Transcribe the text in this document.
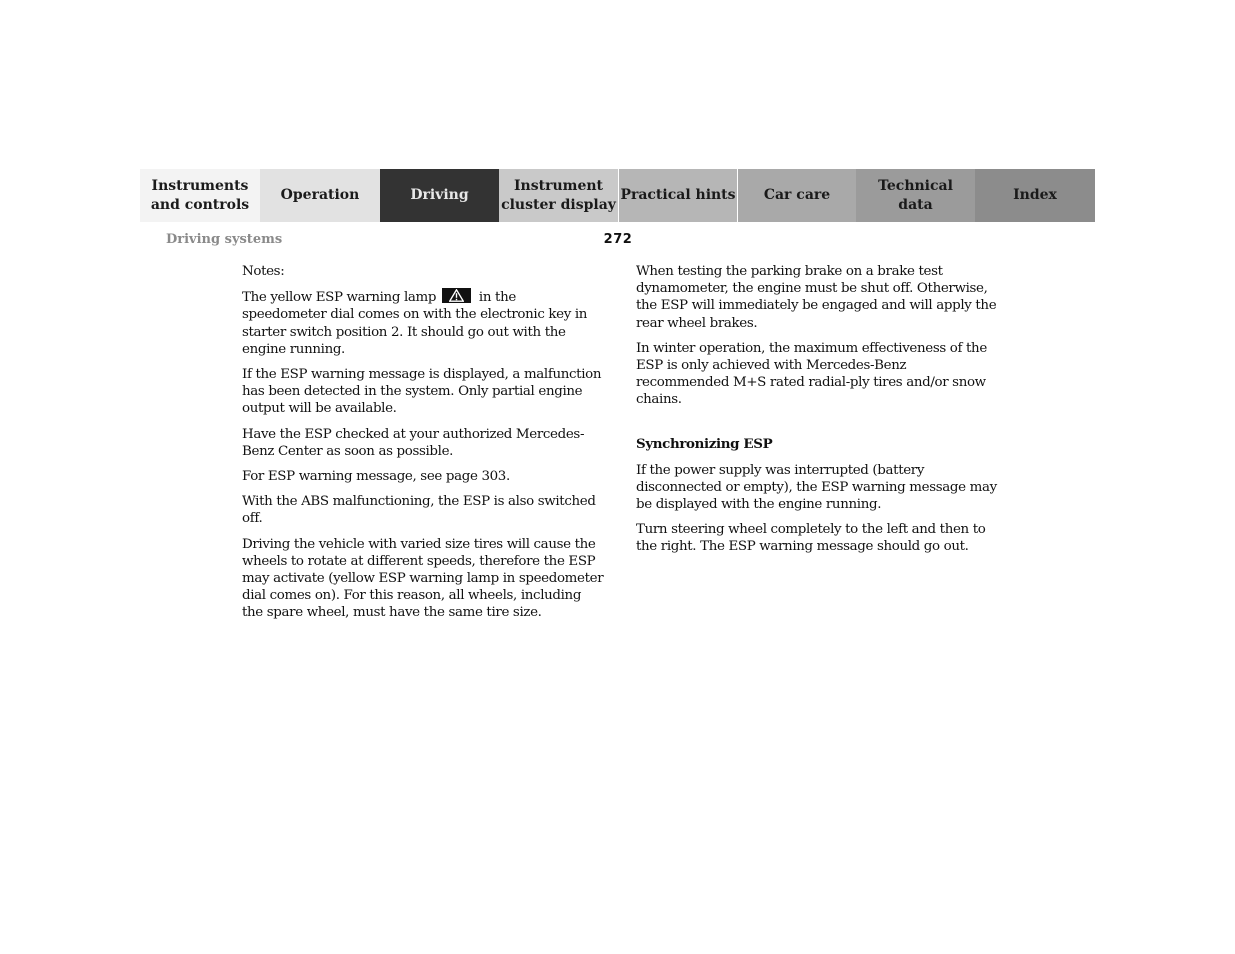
Instruments
and controls
Operation	Driving
Instrument
cluster display
Practical hints	Car care
Technical
data
Index
Driving systems	272

Notes:

The yellow ESP warning lamp	in the speedometer dial comes on with the electronic key in starter switch position 2. It should go out with the engine running.

If the ESP warning message is displayed, a malfunction has been detected in the system. Only partial engine output will be available.

Have the ESP checked at your authorized Mercedes-Benz Center as soon as possible.

For ESP warning message, see page 303.

With the ABS malfunctioning, the ESP is also switched off.

Driving the vehicle with varied size tires will cause the wheels to rotate at different speeds, therefore the ESP may activate (yellow ESP warning lamp in speedometer dial comes on). For this reason, all wheels, including the spare wheel, must have the same tire size.

When testing the parking brake on a brake test dynamometer, the engine must be shut off. Otherwise, the ESP will immediately be engaged and will apply the rear wheel brakes.

In winter operation, the maximum effectiveness of the ESP is only achieved with Mercedes-Benz recommended M+S rated radial-ply tires and/or snow chains.

Synchronizing ESP

If the power supply was interrupted (battery disconnected or empty), the ESP warning message may be displayed with the engine running.

Turn steering wheel completely to the left and then to the right. The ESP warning message should go out.
